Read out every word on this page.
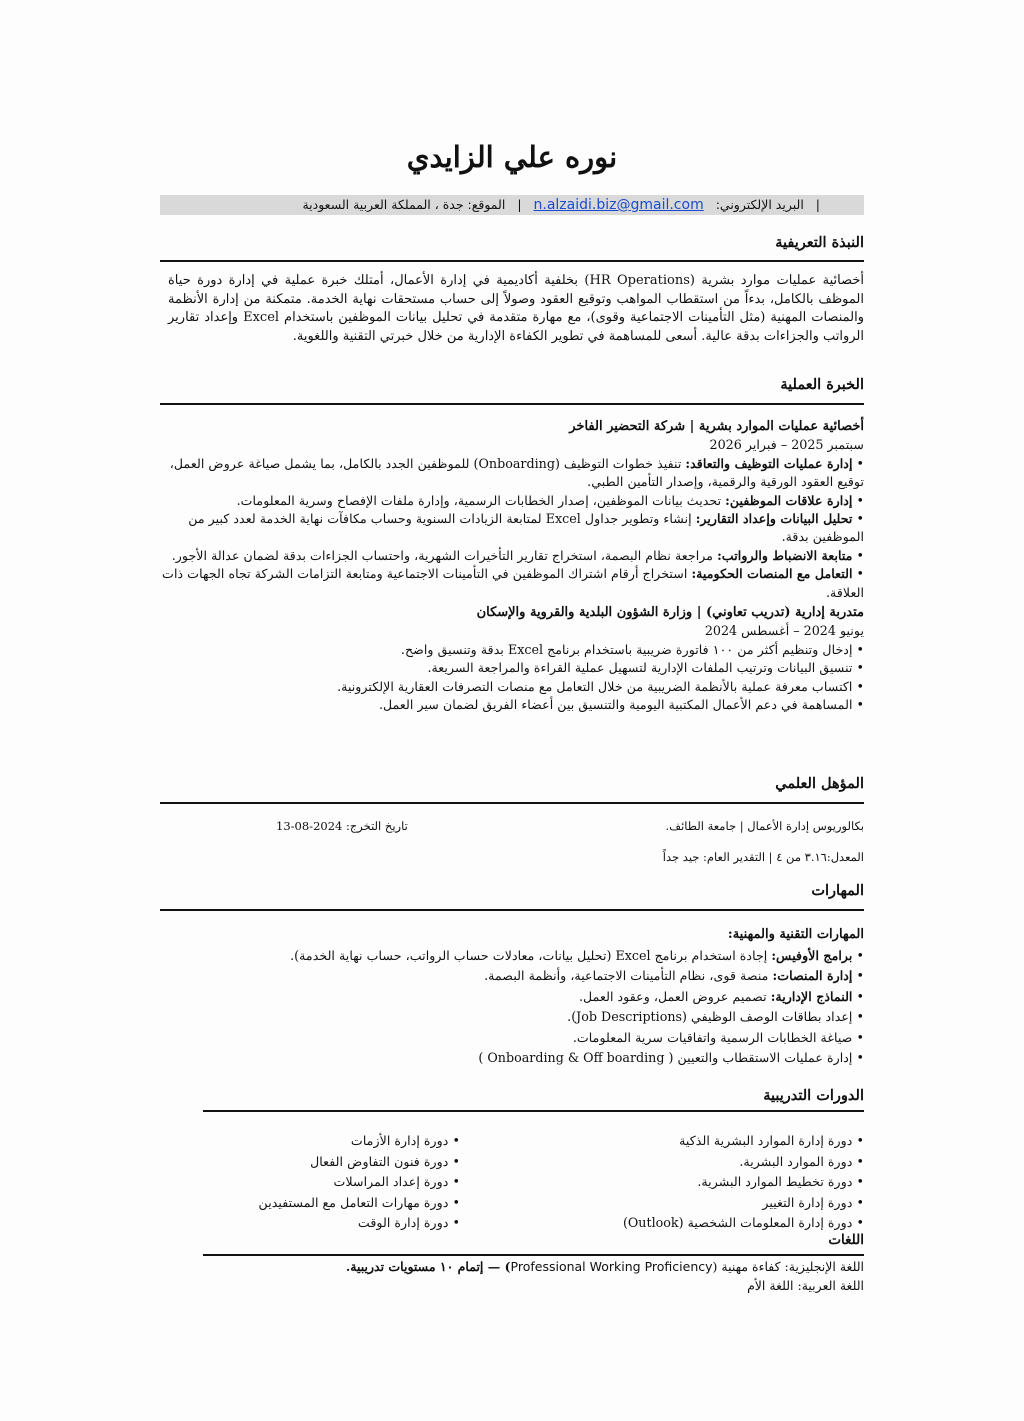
نوره علي الزايدي
| البريد الإلكتروني: n.alzaidi.biz@gmail.com | الموقع: جدة ، المملكة العربية السعودية
النبذة التعريفية
أخصائية عمليات موارد بشرية (HR Operations) بخلفية أكاديمية في إدارة الأعمال، أمتلك خبرة عملية في إدارة دورة حياة الموظف بالكامل، بدءاً من استقطاب المواهب وتوقيع العقود وصولاً إلى حساب مستحقات نهاية الخدمة. متمكنة من إدارة الأنظمة والمنصات المهنية (مثل التأمينات الاجتماعية وقوى)، مع مهارة متقدمة في تحليل بيانات الموظفين باستخدام Excel وإعداد تقارير الرواتب والجزاءات بدقة عالية. أسعى للمساهمة في تطوير الكفاءة الإدارية من خلال خبرتي التقنية واللغوية.
الخبرة العملية

أخصائية عمليات الموارد بشرية | شركة التحضير الفاخر

سبتمبر 2025 – فبراير 2026

• إدارة عمليات التوظيف والتعاقد: تنفيذ خطوات التوظيف (Onboarding) للموظفين الجدد بالكامل، بما يشمل صياغة عروض العمل، توقيع العقود الورقية والرقمية، وإصدار التأمين الطبي.
• إدارة علاقات الموظفين: تحديث بيانات الموظفين، إصدار الخطابات الرسمية، وإدارة ملفات الإفصاح وسرية المعلومات.
• تحليل البيانات وإعداد التقارير: إنشاء وتطوير جداول Excel لمتابعة الزيادات السنوية وحساب مكافآت نهاية الخدمة لعدد كبير من الموظفين بدقة.
• متابعة الانضباط والرواتب: مراجعة نظام البصمة، استخراج تقارير التأخيرات الشهرية، واحتساب الجزاءات بدقة لضمان عدالة الأجور.
• التعامل مع المنصات الحكومية: استخراج أرقام اشتراك الموظفين في التأمينات الاجتماعية ومتابعة التزامات الشركة تجاه الجهات ذات العلاقة.

متدربة إدارية (تدريب تعاوني) | وزارة الشؤون البلدية والقروية والإسكان

يونيو 2024 – أغسطس 2024

• إدخال وتنظيم أكثر من ١٠٠ فاتورة ضريبية باستخدام برنامج Excel بدقة وتنسيق واضح.
• تنسيق البيانات وترتيب الملفات الإدارية لتسهيل عملية القراءة والمراجعة السريعة.
• اكتساب معرفة عملية بالأنظمة الضريبية من خلال التعامل مع منصات التصرفات العقارية الإلكترونية.
• المساهمة في دعم الأعمال المكتبية اليومية والتنسيق بين أعضاء الفريق لضمان سير العمل.
المؤهل العلمي
بكالوريوس إدارة الأعمال | جامعة الطائف.
تاريخ التخرج: 2024-08-13
المعدل:٣.١٦ من ٤ | التقدير العام: جيد جداً
المهارات

المهارات التقنية والمهنية:

• برامج الأوفيس: إجادة استخدام برنامج Excel (تحليل بيانات، معادلات حساب الرواتب، حساب نهاية الخدمة).
• إدارة المنصات: منصة قوى، نظام التأمينات الاجتماعية، وأنظمة البصمة.
• النماذج الإدارية: تصميم عروض العمل، وعقود العمل.
• إعداد بطاقات الوصف الوظيفي (Job Descriptions).
• صياغة الخطابات الرسمية واتفاقيات سرية المعلومات.
• إدارة عمليات الاستقطاب والتعيين ( Onboarding & Off boarding )
الدورات التدريبية
• دورة إدارة الموارد البشرية الذكية
• دورة الموارد البشرية.
• دورة تخطيط الموارد البشرية.
• دورة إدارة التغيير
• دورة إدارة المعلومات الشخصية (Outlook)
• دورة إدارة الأزمات
• دورة فنون التفاوض الفعال
• دورة إعداد المراسلات
• دورة مهارات التعامل مع المستفيدين
• دورة إدارة الوقت
اللغات
اللغة الإنجليزية: كفاءة مهنية (Professional Working Proficiency) — إتمام ١٠ مستويات تدريبية.
اللغة العربية: اللغة الأم
